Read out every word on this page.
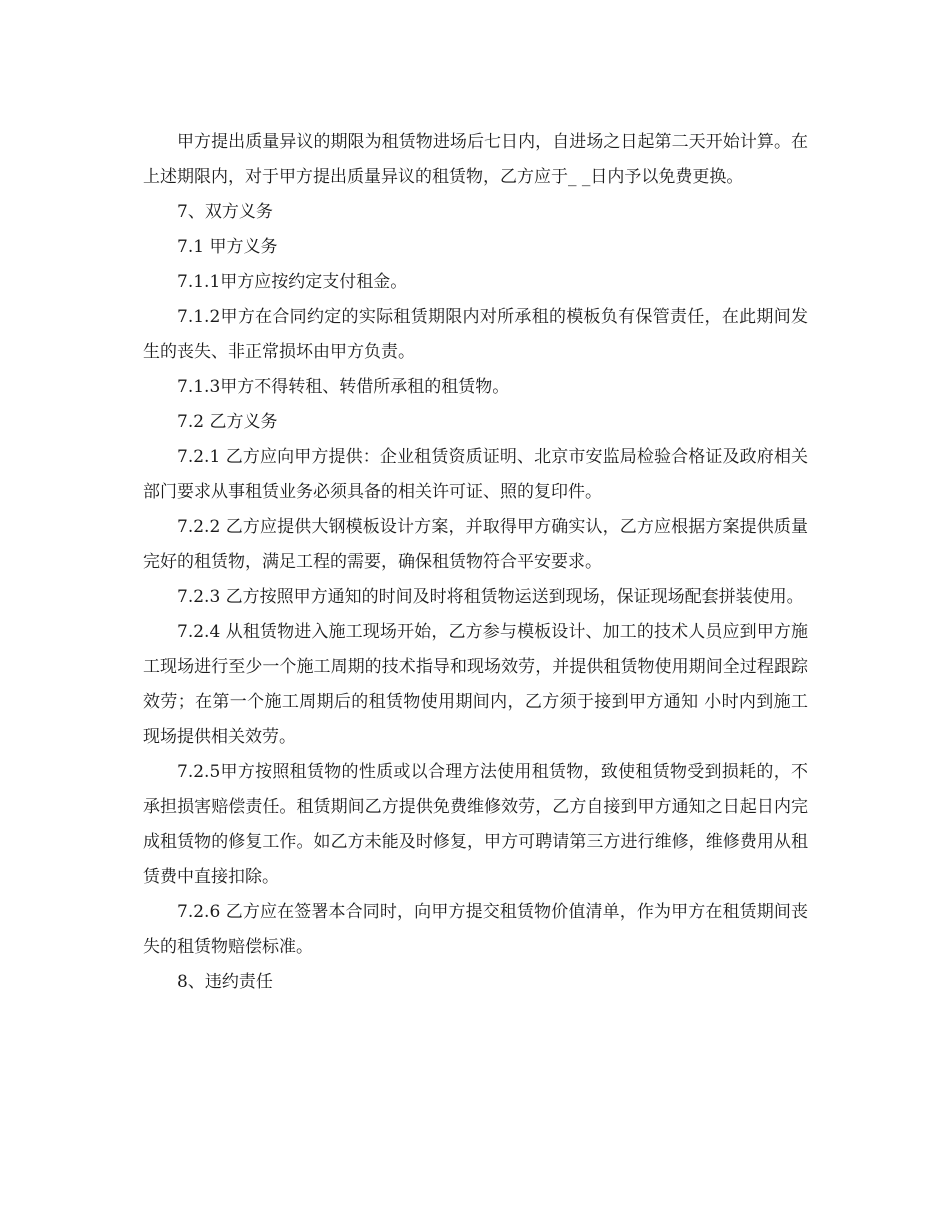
甲方提出质量异议的期限为租赁物进场后七日内，自进场之日起第二天开始计算。在上述期限内，对于甲方提出质量异议的租赁物，乙方应于_ _日内予以免费更换。

7、双方义务

7.1 甲方义务

7.1.1甲方应按约定支付租金。

7.1.2甲方在合同约定的实际租赁期限内对所承租的模板负有保管责任，在此期间发生的丧失、非正常损坏由甲方负责。

7.1.3甲方不得转租、转借所承租的租赁物。

7.2 乙方义务

7.2.1 乙方应向甲方提供：企业租赁资质证明、北京市安监局检验合格证及政府相关部门要求从事租赁业务必须具备的相关许可证、照的复印件。

7.2.2 乙方应提供大钢模板设计方案，并取得甲方确实认，乙方应根据方案提供质量完好的租赁物，满足工程的需要，确保租赁物符合平安要求。

7.2.3 乙方按照甲方通知的时间及时将租赁物运送到现场，保证现场配套拼装使用。

7.2.4 从租赁物进入施工现场开始，乙方参与模板设计、加工的技术人员应到甲方施工现场进行至少一个施工周期的技术指导和现场效劳，并提供租赁物使用期间全过程跟踪效劳；在第一个施工周期后的租赁物使用期间内，乙方须于接到甲方通知 小时内到施工现场提供相关效劳。

7.2.5甲方按照租赁物的性质或以合理方法使用租赁物，致使租赁物受到损耗的，不承担损害赔偿责任。租赁期间乙方提供免费维修效劳，乙方自接到甲方通知之日起日内完成租赁物的修复工作。如乙方未能及时修复，甲方可聘请第三方进行维修，维修费用从租赁费中直接扣除。

7.2.6 乙方应在签署本合同时，向甲方提交租赁物价值清单，作为甲方在租赁期间丧失的租赁物赔偿标准。

8、违约责任
